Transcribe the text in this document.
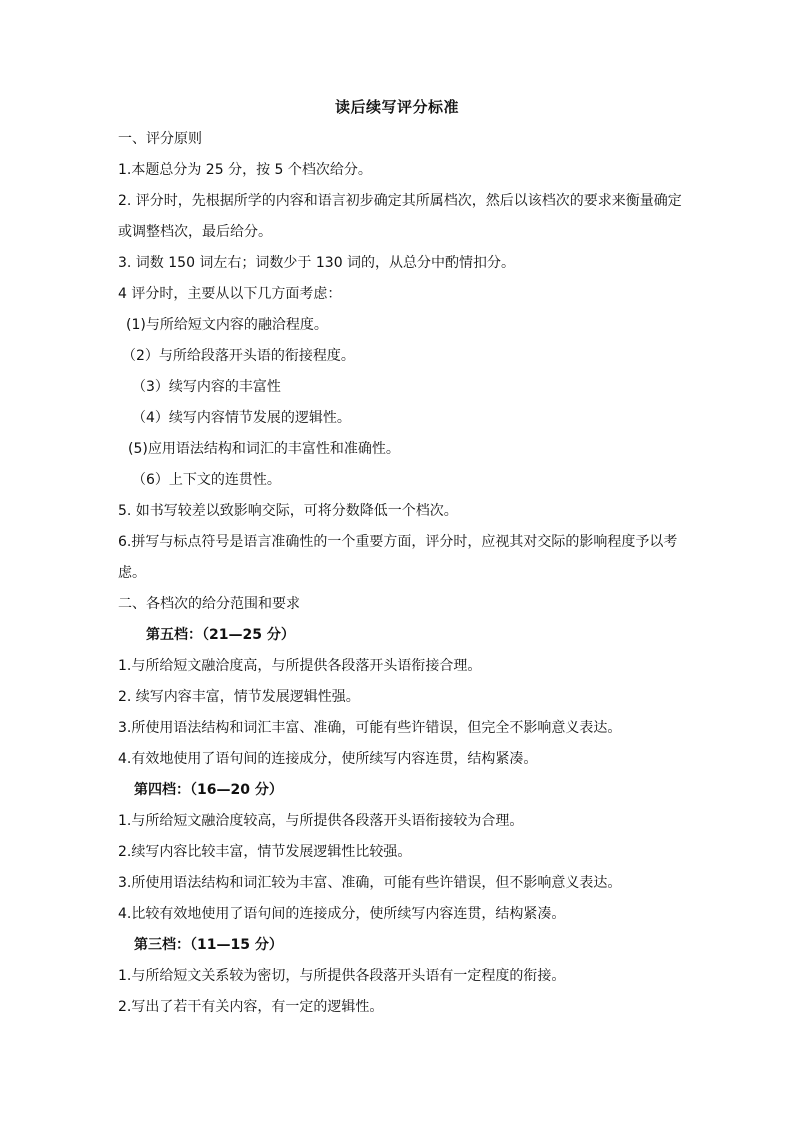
读后续写评分标准
一、评分原则
1.本题总分为 25 分，按 5 个档次给分。
2. 评分时，先根据所学的内容和语言初步确定其所属档次，然后以该档次的要求来衡量确定或调整档次，最后给分。
3. 词数 150 词左右；词数少于 130 词的，从总分中酌情扣分。
4 评分时，主要从以下几方面考虑：
(1)与所给短文内容的融洽程度。
（2）与所给段落开头语的衔接程度。
（3）续写内容的丰富性
（4）续写内容情节发展的逻辑性。
(5)应用语法结构和词汇的丰富性和准确性。
（6）上下文的连贯性。
5. 如书写较差以致影响交际，可将分数降低一个档次。
6.拼写与标点符号是语言准确性的一个重要方面，评分时，应视其对交际的影响程度予以考虑。
二、各档次的给分范围和要求
第五档：（21—25 分）
1.与所给短文融洽度高，与所提供各段落开头语衔接合理。
2. 续写内容丰富，情节发展逻辑性强。
3.所使用语法结构和词汇丰富、准确，可能有些许错误，但完全不影响意义表达。
4.有效地使用了语句间的连接成分，使所续写内容连贯，结构紧凑。
第四档：（16—20 分）
1.与所给短文融洽度较高，与所提供各段落开头语衔接较为合理。
2.续写内容比较丰富，情节发展逻辑性比较强。
3.所使用语法结构和词汇较为丰富、准确，可能有些许错误，但不影响意义表达。
4.比较有效地使用了语句间的连接成分，使所续写内容连贯，结构紧凑。
第三档：（11—15 分）
1.与所给短文关系较为密切，与所提供各段落开头语有一定程度的衔接。
2.写出了若干有关内容，有一定的逻辑性。
